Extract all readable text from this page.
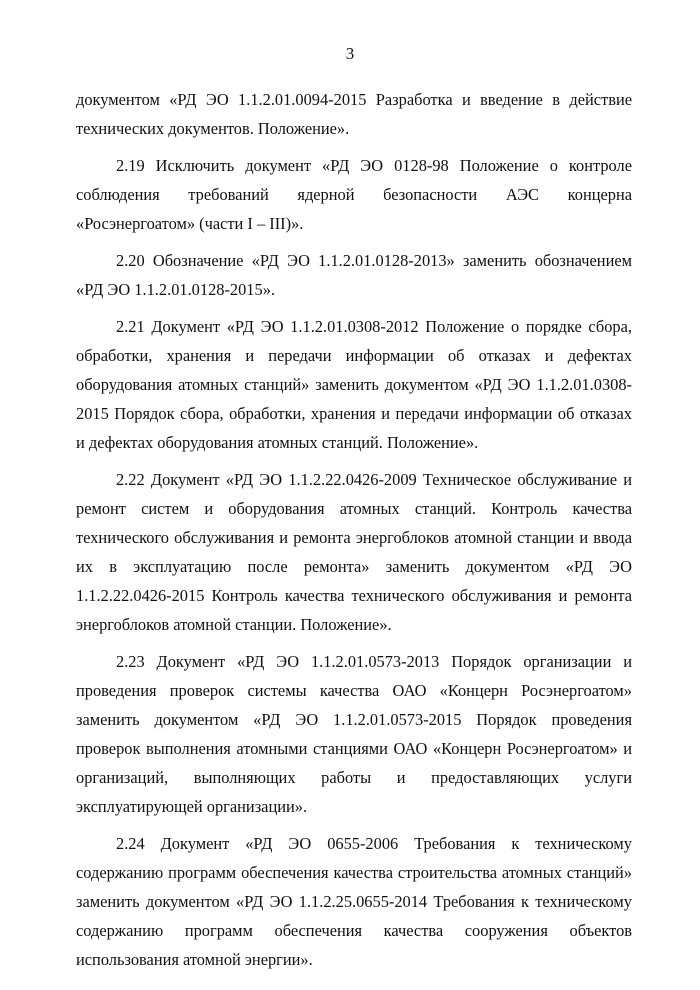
3

документом «РД ЭО 1.1.2.01.0094-2015 Разработка и введение в действие технических документов. Положение».

2.19 Исключить документ «РД ЭО 0128-98 Положение о контроле соблюдения требований ядерной безопасности АЭС концерна «Росэнергоатом» (части I – III)».

2.20 Обозначение «РД ЭО 1.1.2.01.0128-2013» заменить обозначением «РД ЭО 1.1.2.01.0128-2015».

2.21 Документ «РД ЭО 1.1.2.01.0308-2012 Положение о порядке сбора, обработки, хранения и передачи информации об отказах и дефектах оборудования атомных станций» заменить документом «РД ЭО 1.1.2.01.0308-2015 Порядок сбора, обработки, хранения и передачи информации об отказах и дефектах оборудования атомных станций. Положение».

2.22 Документ «РД ЭО 1.1.2.22.0426-2009 Техническое обслуживание и ремонт систем и оборудования атомных станций. Контроль качества технического обслуживания и ремонта энергоблоков атомной станции и ввода их в эксплуатацию после ремонта» заменить документом «РД ЭО 1.1.2.22.0426-2015 Контроль качества технического обслуживания и ремонта энергоблоков атомной станции. Положение».

2.23 Документ «РД ЭО 1.1.2.01.0573-2013 Порядок организации и проведения проверок системы качества ОАО «Концерн Росэнергоатом» заменить документом «РД ЭО 1.1.2.01.0573-2015 Порядок проведения проверок выполнения атомными станциями ОАО «Концерн Росэнергоатом» и организаций, выполняющих работы и предоставляющих услуги эксплуатирующей организации».

2.24 Документ «РД ЭО 0655-2006 Требования к техническому содержанию программ обеспечения качества строительства атомных станций» заменить документом «РД ЭО 1.1.2.25.0655-2014 Требования к техническому содержанию программ обеспечения качества сооружения объектов использования атомной энергии».
